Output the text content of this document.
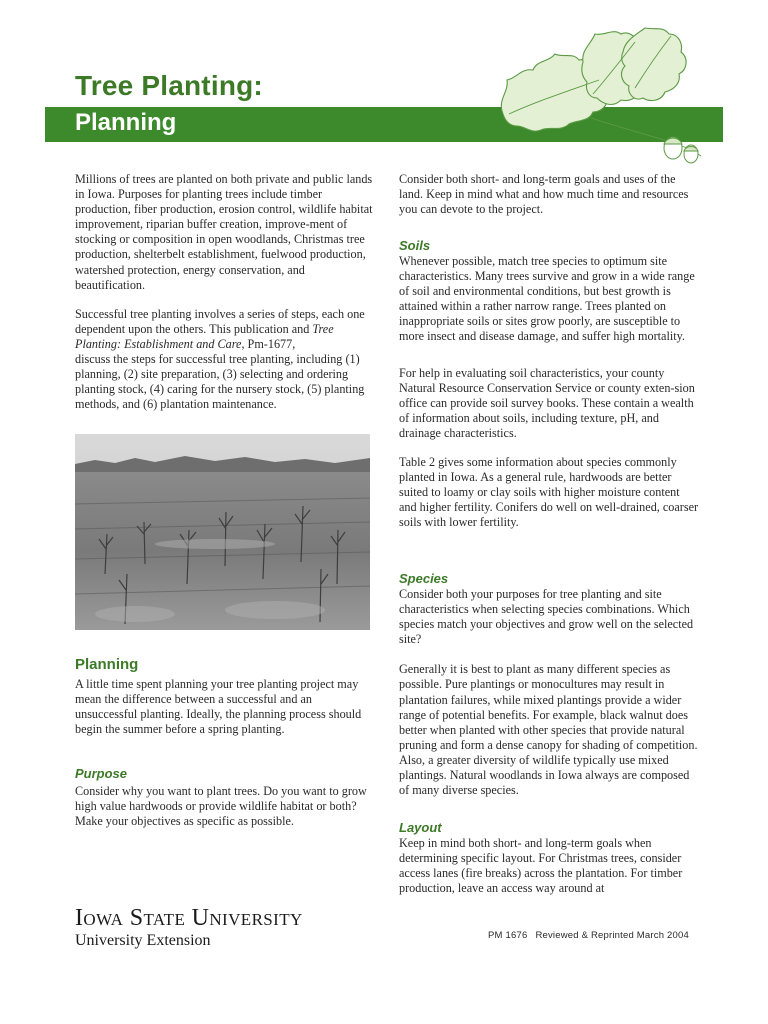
Tree Planting:
Planning

Millions of trees are planted on both private and public lands in Iowa. Purposes for planting trees include timber production, fiber production, erosion control, wildlife habitat improvement, riparian buffer creation, improve-ment of stocking or composition in open woodlands, Christmas tree production, shelterbelt establishment, fuelwood production, watershed protection, energy conservation, and beautification.

Successful tree planting involves a series of steps, each one dependent upon the others. This publication and Tree Planting: Establishment and Care, Pm-1677,
discuss the steps for successful tree planting, including (1) planning, (2) site preparation, (3) selecting and ordering planting stock, (4) caring for the nursery stock, (5) planting methods, and (6) plantation maintenance.

Planning

A little time spent planning your tree planting project may mean the difference between a successful and an unsuccessful planting. Ideally, the planning process should begin the summer before a spring planting.

Purpose

Consider why you want to plant trees. Do you want to grow high value hardwoods or provide wildlife habitat or both? Make your objectives as specific as possible.

Consider both short- and long-term goals and uses of the land. Keep in mind what and how much time and resources you can devote to the project.

Soils

Whenever possible, match tree species to optimum site characteristics. Many trees survive and grow in a wide range of soil and environmental conditions, but best growth is attained within a rather narrow range. Trees planted on inappropriate soils or sites grow poorly, are susceptible to more insect and disease damage, and suffer high mortality.

For help in evaluating soil characteristics, your county Natural Resource Conservation Service or county exten-sion office can provide soil survey books. These contain a wealth of information about soils, including texture, pH, and drainage characteristics.

Table 2 gives some information about species commonly planted in Iowa. As a general rule, hardwoods are better suited to loamy or clay soils with higher moisture content and higher fertility. Conifers do well on well-drained, coarser soils with lower fertility.

Species

Consider both your purposes for tree planting and site characteristics when selecting species combinations. Which species match your objectives and grow well on the selected site?

Generally it is best to plant as many different species as possible. Pure plantings or monocultures may result in plantation failures, while mixed plantings provide a wider range of potential benefits. For example, black walnut does better when planted with other species that provide natural pruning and form a dense canopy for shading of competition. Also, a greater diversity of wildlife typically use mixed plantings. Natural woodlands in Iowa always are composed of many diverse species.

Layout

Keep in mind both short- and long-term goals when determining specific layout. For Christmas trees, consider access lanes (fire breaks) across the plantation. For timber production, leave an access way around at

Iowa State University
University Extension	PM 1676 Reviewed & Reprinted March 2004
